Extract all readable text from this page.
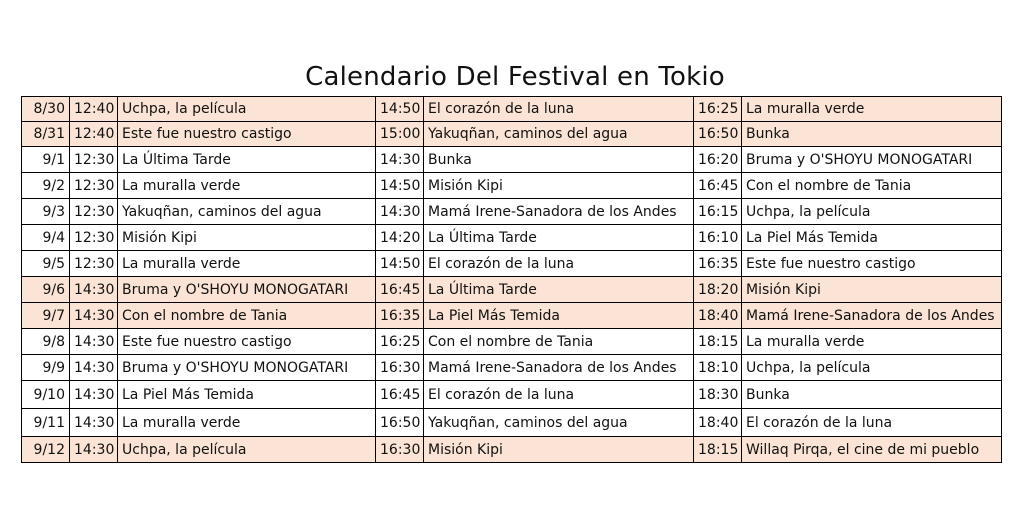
Calendario Del Festival en Tokio
8/30	12:40	Uchpa, la película	14:50	El corazón de la luna	16:25	La muralla verde
8/31	12:40	Este fue nuestro castigo	15:00	Yakuqñan, caminos del agua	16:50	Bunka
9/1	12:30	La Última Tarde	14:30	Bunka	16:20	Bruma y O'SHOYU MONOGATARI
9/2	12:30	La muralla verde	14:50	Misión Kipi	16:45	Con el nombre de Tania
9/3	12:30	Yakuqñan, caminos del agua	14:30	Mamá Irene-Sanadora de los Andes	16:15	Uchpa, la película
9/4	12:30	Misión Kipi	14:20	La Última Tarde	16:10	La Piel Más Temida
9/5	12:30	La muralla verde	14:50	El corazón de la luna	16:35	Este fue nuestro castigo
9/6	14:30	Bruma y O'SHOYU MONOGATARI	16:45	La Última Tarde	18:20	Misión Kipi
9/7	14:30	Con el nombre de Tania	16:35	La Piel Más Temida	18:40	Mamá Irene-Sanadora de los Andes
9/8	14:30	Este fue nuestro castigo	16:25	Con el nombre de Tania	18:15	La muralla verde
9/9	14:30	Bruma y O'SHOYU MONOGATARI	16:30	Mamá Irene-Sanadora de los Andes	18:10	Uchpa, la película
9/10	14:30	La Piel Más Temida	16:45	El corazón de la luna	18:30	Bunka
9/11	14:30	La muralla verde	16:50	Yakuqñan, caminos del agua	18:40	El corazón de la luna
9/12	14:30	Uchpa, la película	16:30	Misión Kipi	18:15	Willaq Pirqa, el cine de mi pueblo
